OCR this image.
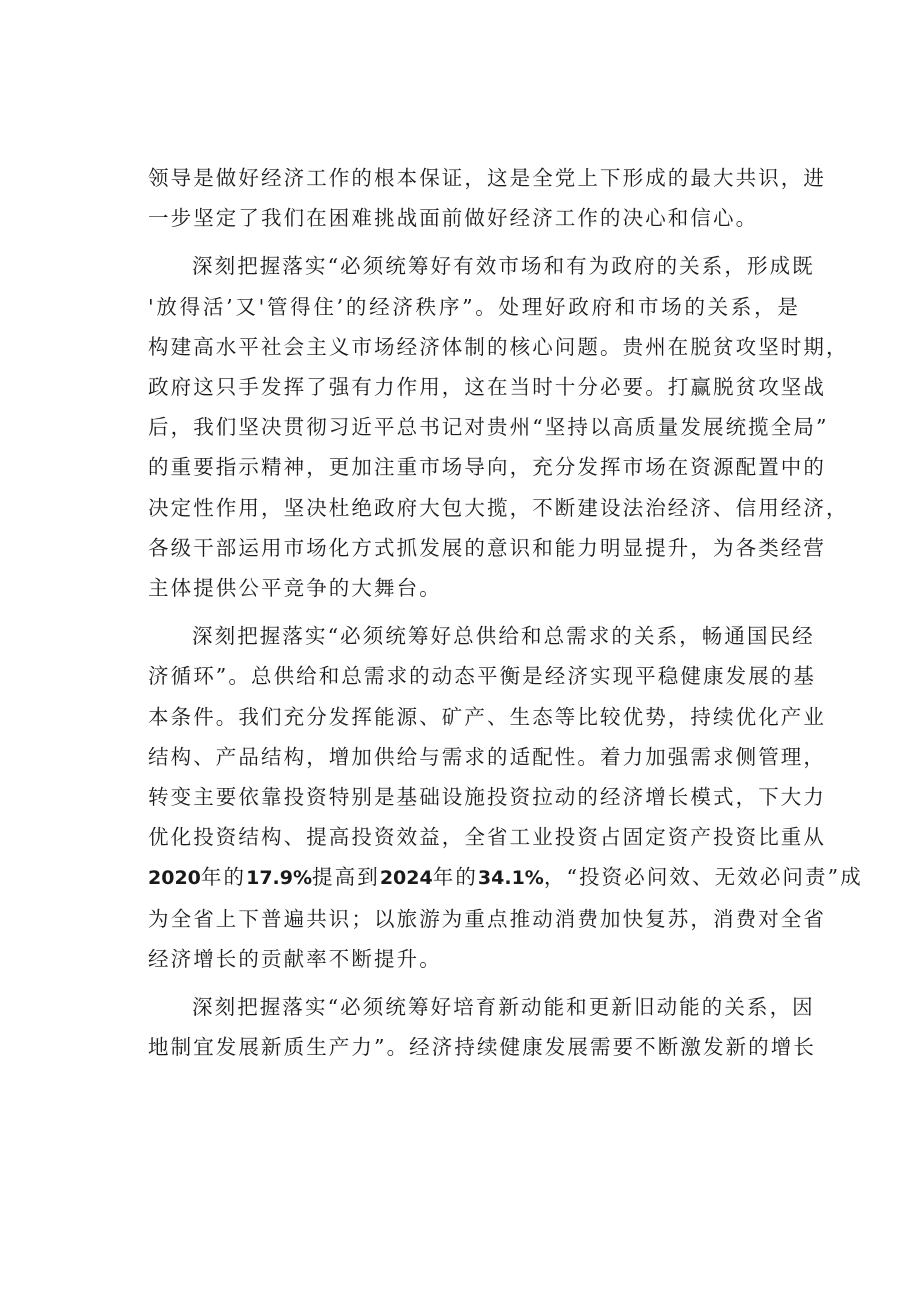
领导是做好经济工作的根本保证，这是全党上下形成的最大共识，进
一步坚定了我们在困难挑战面前做好经济工作的决心和信心。

深刻把握落实“必须统筹好有效市场和有为政府的关系，形成既
'放得活’又'管得住’的经济秩序”。处理好政府和市场的关系，是
构建高水平社会主义市场经济体制的核心问题。贵州在脱贫攻坚时期，
政府这只手发挥了强有力作用，这在当时十分必要。打赢脱贫攻坚战
后，我们坚决贯彻习近平总书记对贵州“坚持以高质量发展统揽全局”
的重要指示精神，更加注重市场导向，充分发挥市场在资源配置中的
决定性作用，坚决杜绝政府大包大揽，不断建设法治经济、信用经济，
各级干部运用市场化方式抓发展的意识和能力明显提升，为各类经营
主体提供公平竞争的大舞台。

深刻把握落实“必须统筹好总供给和总需求的关系，畅通国民经
济循环”。总供给和总需求的动态平衡是经济实现平稳健康发展的基
本条件。我们充分发挥能源、矿产、生态等比较优势，持续优化产业
结构、产品结构，增加供给与需求的适配性。着力加强需求侧管理，
转变主要依靠投资特别是基础设施投资拉动的经济增长模式，下大力
优化投资结构、提高投资效益，全省工业投资占固定资产投资比重从
2020年的17.9%提高到2024年的34.1%，“投资必问效、无效必问责”成
为全省上下普遍共识；以旅游为重点推动消费加快复苏，消费对全省
经济增长的贡献率不断提升。

深刻把握落实“必须统筹好培育新动能和更新旧动能的关系，因
地制宜发展新质生产力”。经济持续健康发展需要不断激发新的增长
